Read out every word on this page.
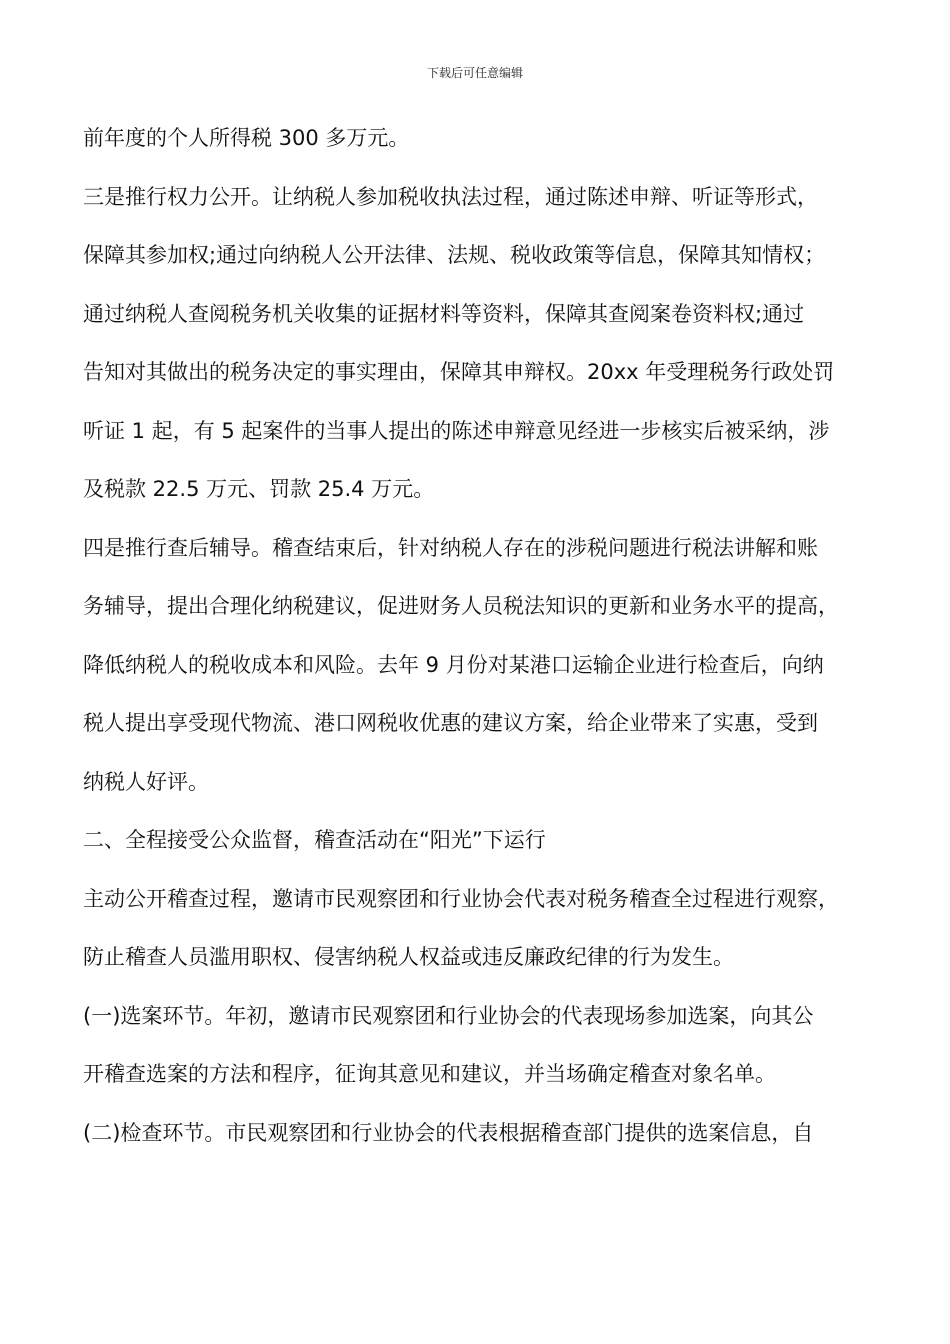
下载后可任意编辑
前年度的个人所得税 300 多万元。
三是推行权力公开。让纳税人参加税收执法过程，通过陈述申辩、听证等形式，
保障其参加权;通过向纳税人公开法律、法规、税收政策等信息，保障其知情权；
通过纳税人查阅税务机关收集的证据材料等资料，保障其查阅案卷资料权;通过
告知对其做出的税务决定的事实理由，保障其申辩权。20xx 年受理税务行政处罚
听证 1 起，有 5 起案件的当事人提出的陈述申辩意见经进一步核实后被采纳，涉
及税款 22.5 万元、罚款 25.4 万元。
四是推行查后辅导。稽查结束后，针对纳税人存在的涉税问题进行税法讲解和账
务辅导，提出合理化纳税建议，促进财务人员税法知识的更新和业务水平的提高，
降低纳税人的税收成本和风险。去年 9 月份对某港口运输企业进行检查后，向纳
税人提出享受现代物流、港口网税收优惠的建议方案，给企业带来了实惠，受到
纳税人好评。
二、全程接受公众监督，稽查活动在“阳光”下运行
主动公开稽查过程，邀请市民观察团和行业协会代表对税务稽查全过程进行观察，
防止稽查人员滥用职权、侵害纳税人权益或违反廉政纪律的行为发生。
(一)选案环节。年初，邀请市民观察团和行业协会的代表现场参加选案，向其公
开稽查选案的方法和程序，征询其意见和建议，并当场确定稽查对象名单。
(二)检查环节。市民观察团和行业协会的代表根据稽查部门提供的选案信息，自
